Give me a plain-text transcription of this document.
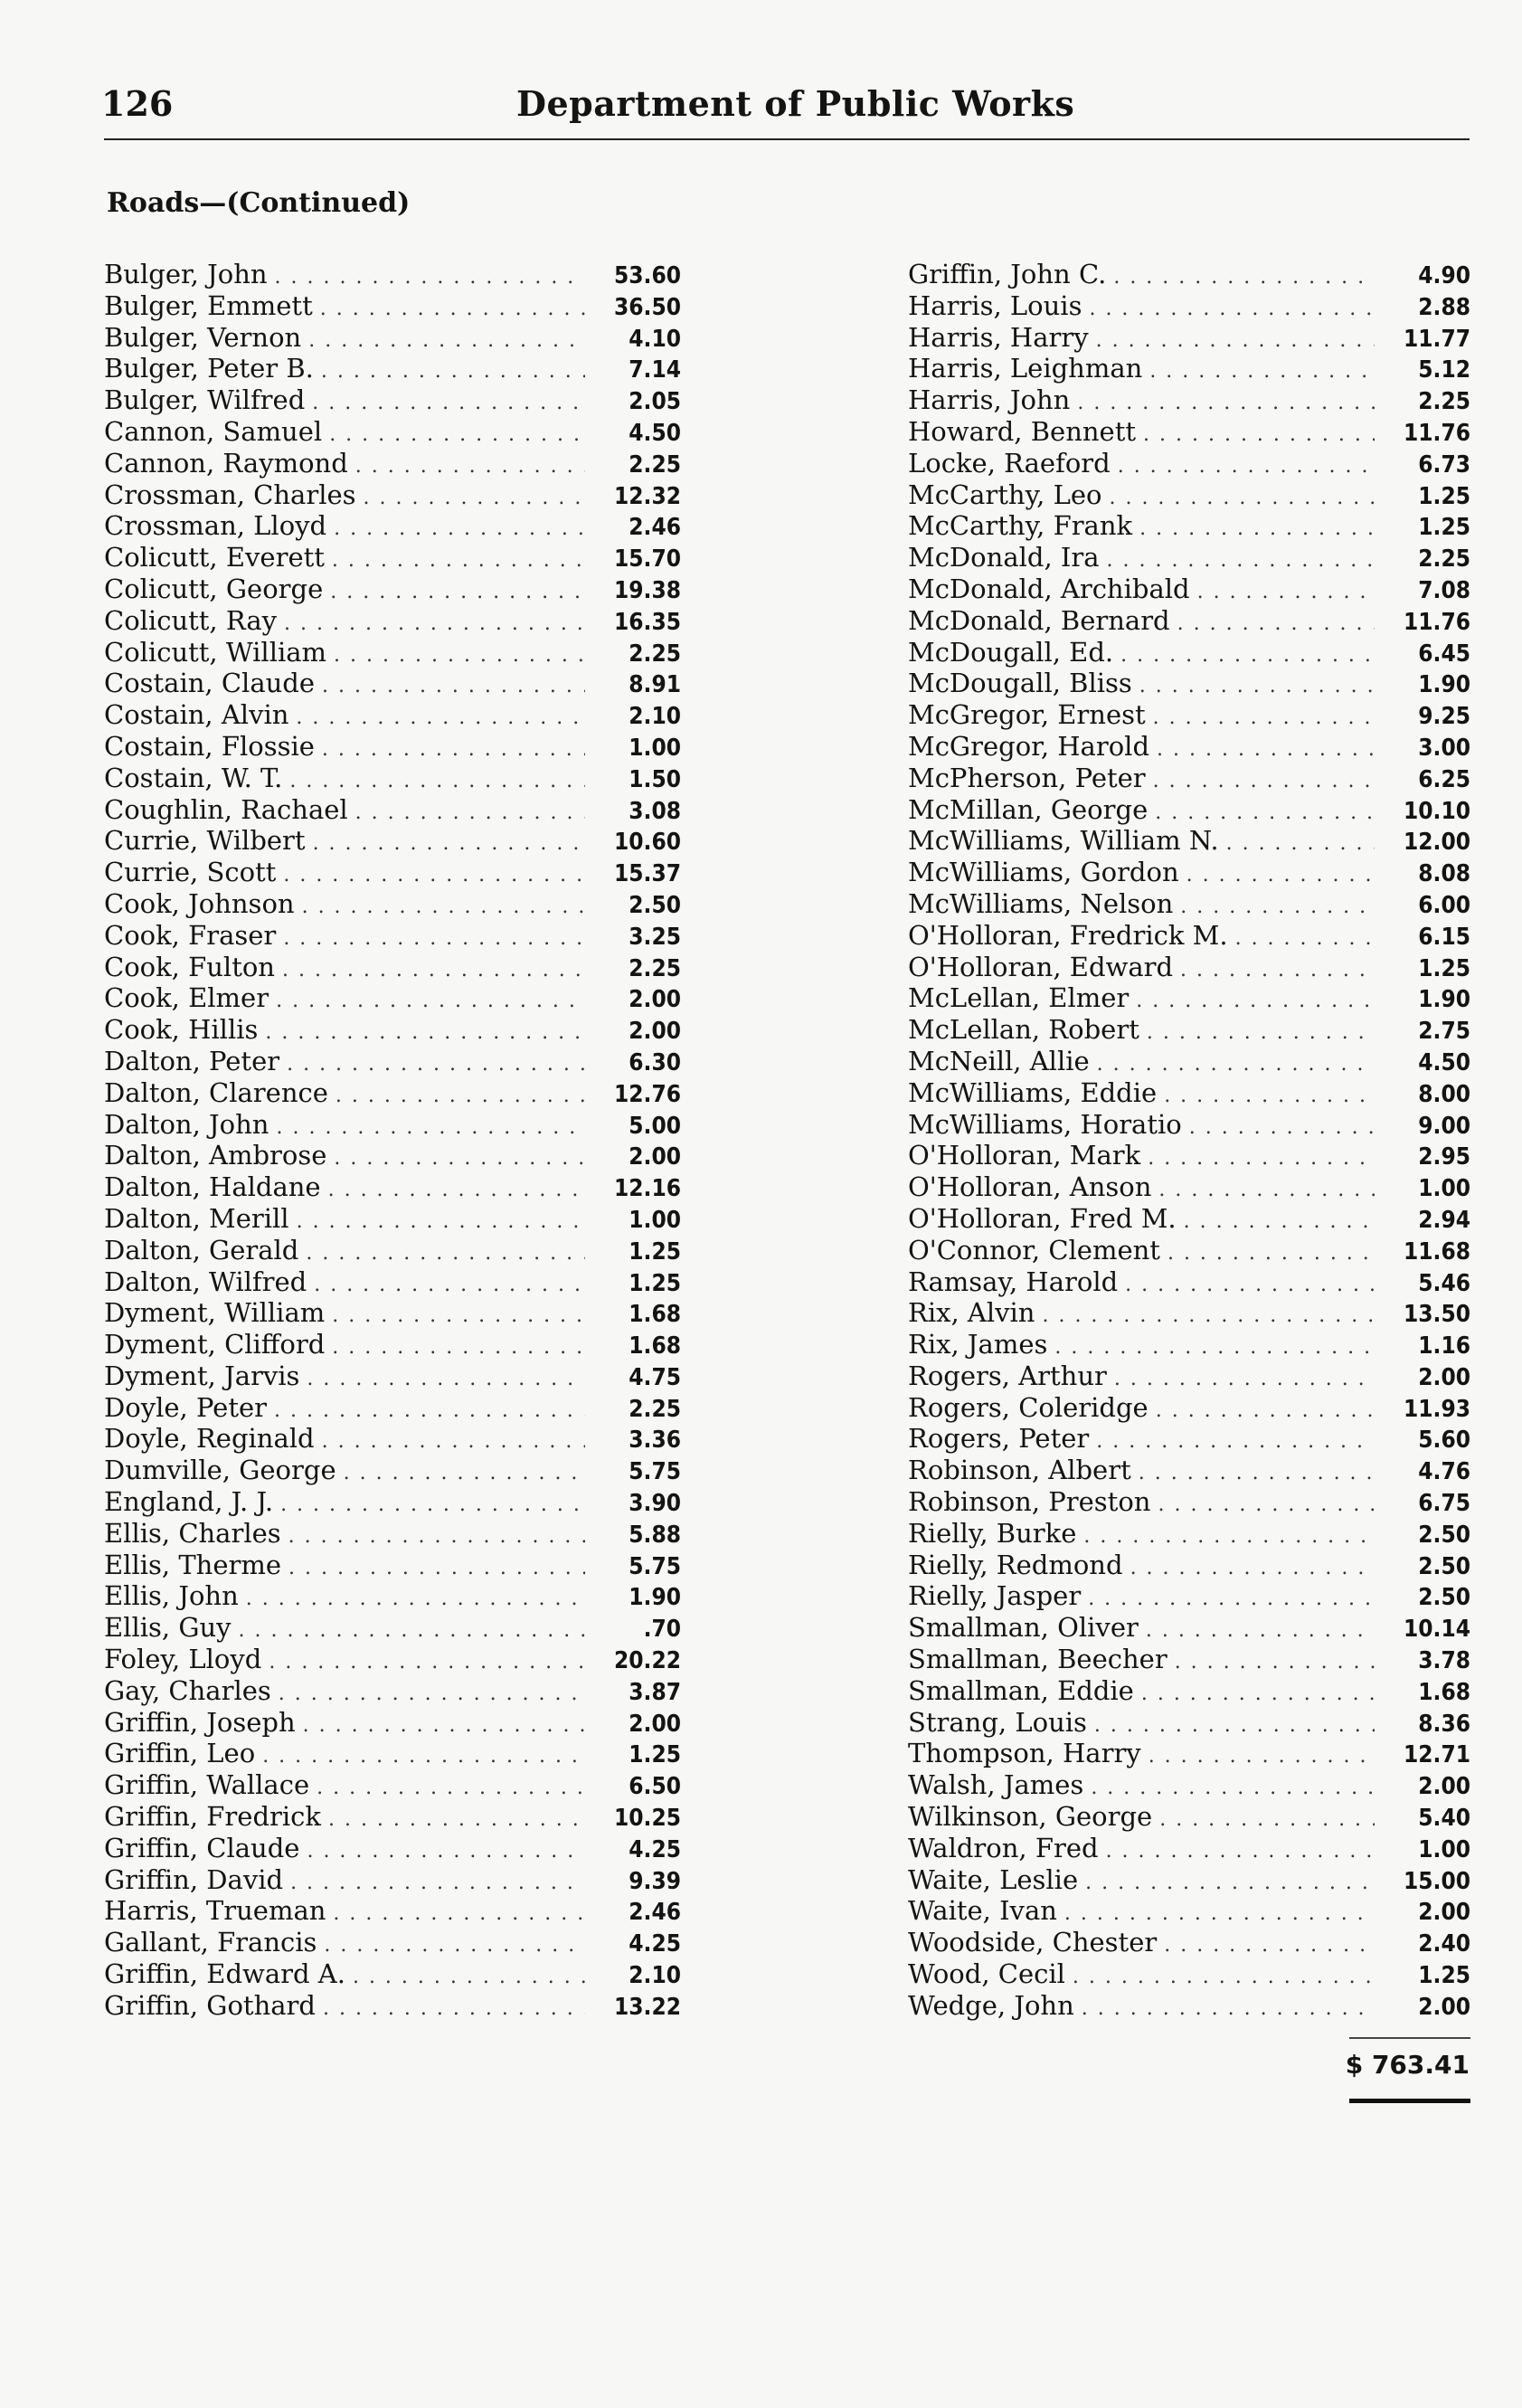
126	Department of Public Works
Roads—(Continued)
Bulger, John . . .	53.60
Bulger, Emmett . . .	36.50
Bulger, Vernon . . .	4.10
Bulger, Peter B. . . .	7.14
Bulger, Wilfred . . .	2.05
Cannon, Samuel . . .	4.50
Cannon, Raymond . . .	2.25
Crossman, Charles . . .	12.32
Crossman, Lloyd . . .	2.46
Colicutt, Everett . . .	15.70
Colicutt, George . . .	19.38
Colicutt, Ray . . .	16.35
Colicutt, William . . .	2.25
Costain, Claude . . .	8.91
Costain, Alvin . . .	2.10
Costain, Flossie . . .	1.00
Costain, W. T. . . .	1.50
Coughlin, Rachael . . .	3.08
Currie, Wilbert . . .	10.60
Currie, Scott . . .	15.37
Cook, Johnson . . .	2.50
Cook, Fraser . . .	3.25
Cook, Fulton . . .	2.25
Cook, Elmer . . .	2.00
Cook, Hillis . . .	2.00
Dalton, Peter . . .	6.30
Dalton, Clarence . . .	12.76
Dalton, John . . .	5.00
Dalton, Ambrose . . .	2.00
Dalton, Haldane . . .	12.16
Dalton, Merill . . .	1.00
Dalton, Gerald . . .	1.25
Dalton, Wilfred . . .	1.25
Dyment, William . . .	1.68
Dyment, Clifford . . .	1.68
Dyment, Jarvis . . .	4.75
Doyle, Peter . . .	2.25
Doyle, Reginald . . .	3.36
Dumville, George . . .	5.75
England, J. J. . . .	3.90
Ellis, Charles . . .	5.88
Ellis, Therme . . .	5.75
Ellis, John . . .	1.90
Ellis, Guy . . .	.70
Foley, Lloyd . . .	20.22
Gay, Charles . . .	3.87
Griffin, Joseph . . .	2.00
Griffin, Leo . . .	1.25
Griffin, Wallace . . .	6.50
Griffin, Fredrick . . .	10.25
Griffin, Claude . . .	4.25
Griffin, David . . .	9.39
Harris, Trueman . . .	2.46
Gallant, Francis . . .	4.25
Griffin, Edward A. . . .	2.10
Griffin, Gothard . . .	13.22
Griffin, John C. . . .	4.90
Harris, Louis . . .	2.88
Harris, Harry . . .	11.77
Harris, Leighman . . .	5.12
Harris, John . . .	2.25
Howard, Bennett . . .	11.76
Locke, Raeford . . .	6.73
McCarthy, Leo . . .	1.25
McCarthy, Frank . . .	1.25
McDonald, Ira . . .	2.25
McDonald, Archibald . . .	7.08
McDonald, Bernard . . .	11.76
McDougall, Ed. . . .	6.45
McDougall, Bliss . . .	1.90
McGregor, Ernest . . .	9.25
McGregor, Harold . . .	3.00
McPherson, Peter . . .	6.25
McMillan, George . . .	10.10
McWilliams, William N. . . .	12.00
McWilliams, Gordon . . .	8.08
McWilliams, Nelson . . .	6.00
O'Holloran, Fredrick M. . . .	6.15
O'Holloran, Edward . . .	1.25
McLellan, Elmer . . .	1.90
McLellan, Robert . . .	2.75
McNeill, Allie . . .	4.50
McWilliams, Eddie . . .	8.00
McWilliams, Horatio . . .	9.00
O'Holloran, Mark . . .	2.95
O'Holloran, Anson . . .	1.00
O'Holloran, Fred M. . . .	2.94
O'Connor, Clement . . .	11.68
Ramsay, Harold . . .	5.46
Rix, Alvin . . .	13.50
Rix, James . . .	1.16
Rogers, Arthur . . .	2.00
Rogers, Coleridge . . .	11.93
Rogers, Peter . . .	5.60
Robinson, Albert . . .	4.76
Robinson, Preston . . .	6.75
Rielly, Burke . . .	2.50
Rielly, Redmond . . .	2.50
Rielly, Jasper . . .	2.50
Smallman, Oliver . . .	10.14
Smallman, Beecher . . .	3.78
Smallman, Eddie . . .	1.68
Strang, Louis . . .	8.36
Thompson, Harry . . .	12.71
Walsh, James . . .	2.00
Wilkinson, George . . .	5.40
Waldron, Fred . . .	1.00
Waite, Leslie . . .	15.00
Waite, Ivan . . .	2.00
Woodside, Chester . . .	2.40
Wood, Cecil . . .	1.25
Wedge, John . . .	2.00
$ 763.41
